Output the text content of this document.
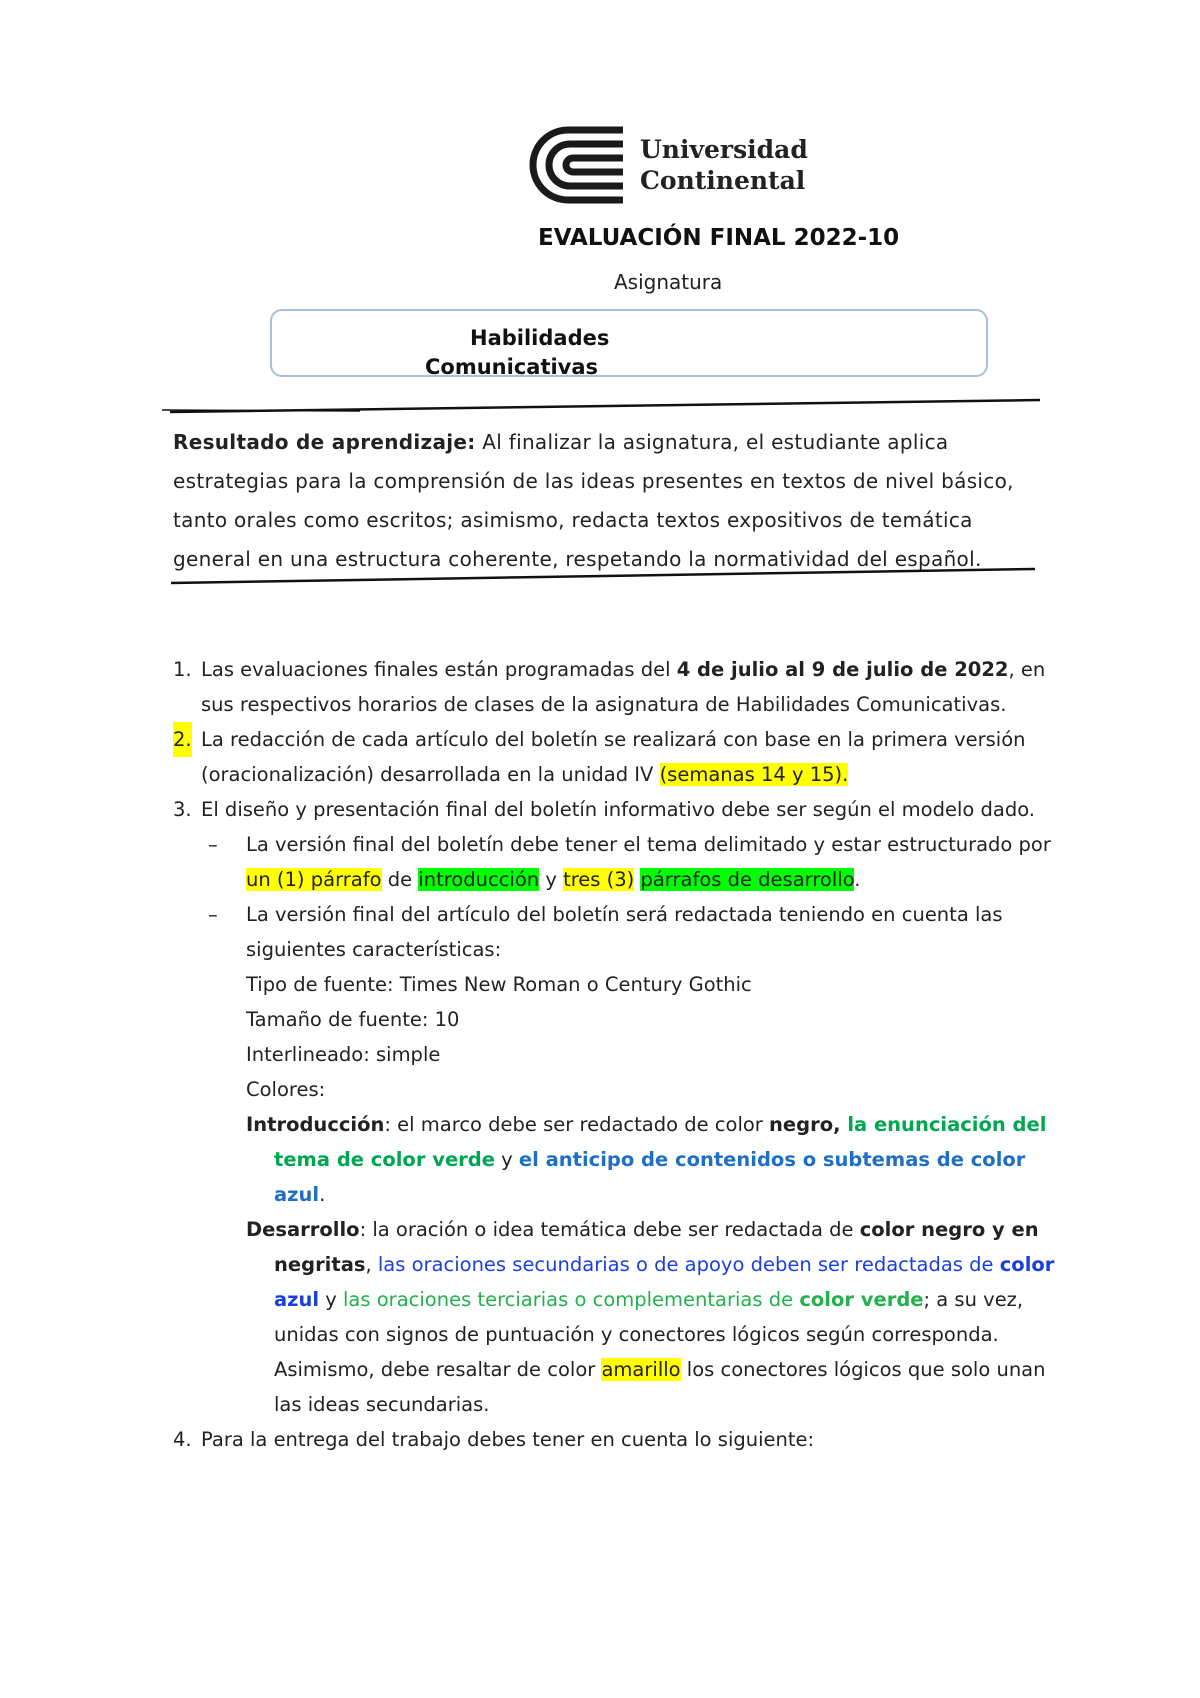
Universidad
Continental
EVALUACIÓN FINAL 2022-10
Asignatura
Habilidades
Comunicativas
Resultado de aprendizaje: Al finalizar la asignatura, el estudiante aplica estrategias para la comprensión de las ideas presentes en textos de nivel básico, tanto orales como escritos; asimismo, redacta textos expositivos de temática general en una estructura coherente, respetando la normatividad del español.
1. Las evaluaciones finales están programadas del 4 de julio al 9 de julio de 2022, en sus respectivos horarios de clases de la asignatura de Habilidades Comunicativas.
2. La redacción de cada artículo del boletín se realizará con base en la primera versión (oracionalización) desarrollada en la unidad IV (semanas 14 y 15).
3. El diseño y presentación final del boletín informativo debe ser según el modelo dado.
– La versión final del boletín debe tener el tema delimitado y estar estructurado por un (1) párrafo de introducción y tres (3) párrafos de desarrollo.
– La versión final del artículo del boletín será redactada teniendo en cuenta las siguientes características:
Tipo de fuente: Times New Roman o Century Gothic
Tamaño de fuente: 10
Interlineado: simple
Colores:
Introducción: el marco debe ser redactado de color negro, la enunciación del tema de color verde y el anticipo de contenidos o subtemas de color azul.
Desarrollo: la oración o idea temática debe ser redactada de color negro y en negritas, las oraciones secundarias o de apoyo deben ser redactadas de color azul y las oraciones terciarias o complementarias de color verde; a su vez, unidas con signos de puntuación y conectores lógicos según corresponda. Asimismo, debe resaltar de color amarillo los conectores lógicos que solo unan las ideas secundarias.
4. Para la entrega del trabajo debes tener en cuenta lo siguiente:
